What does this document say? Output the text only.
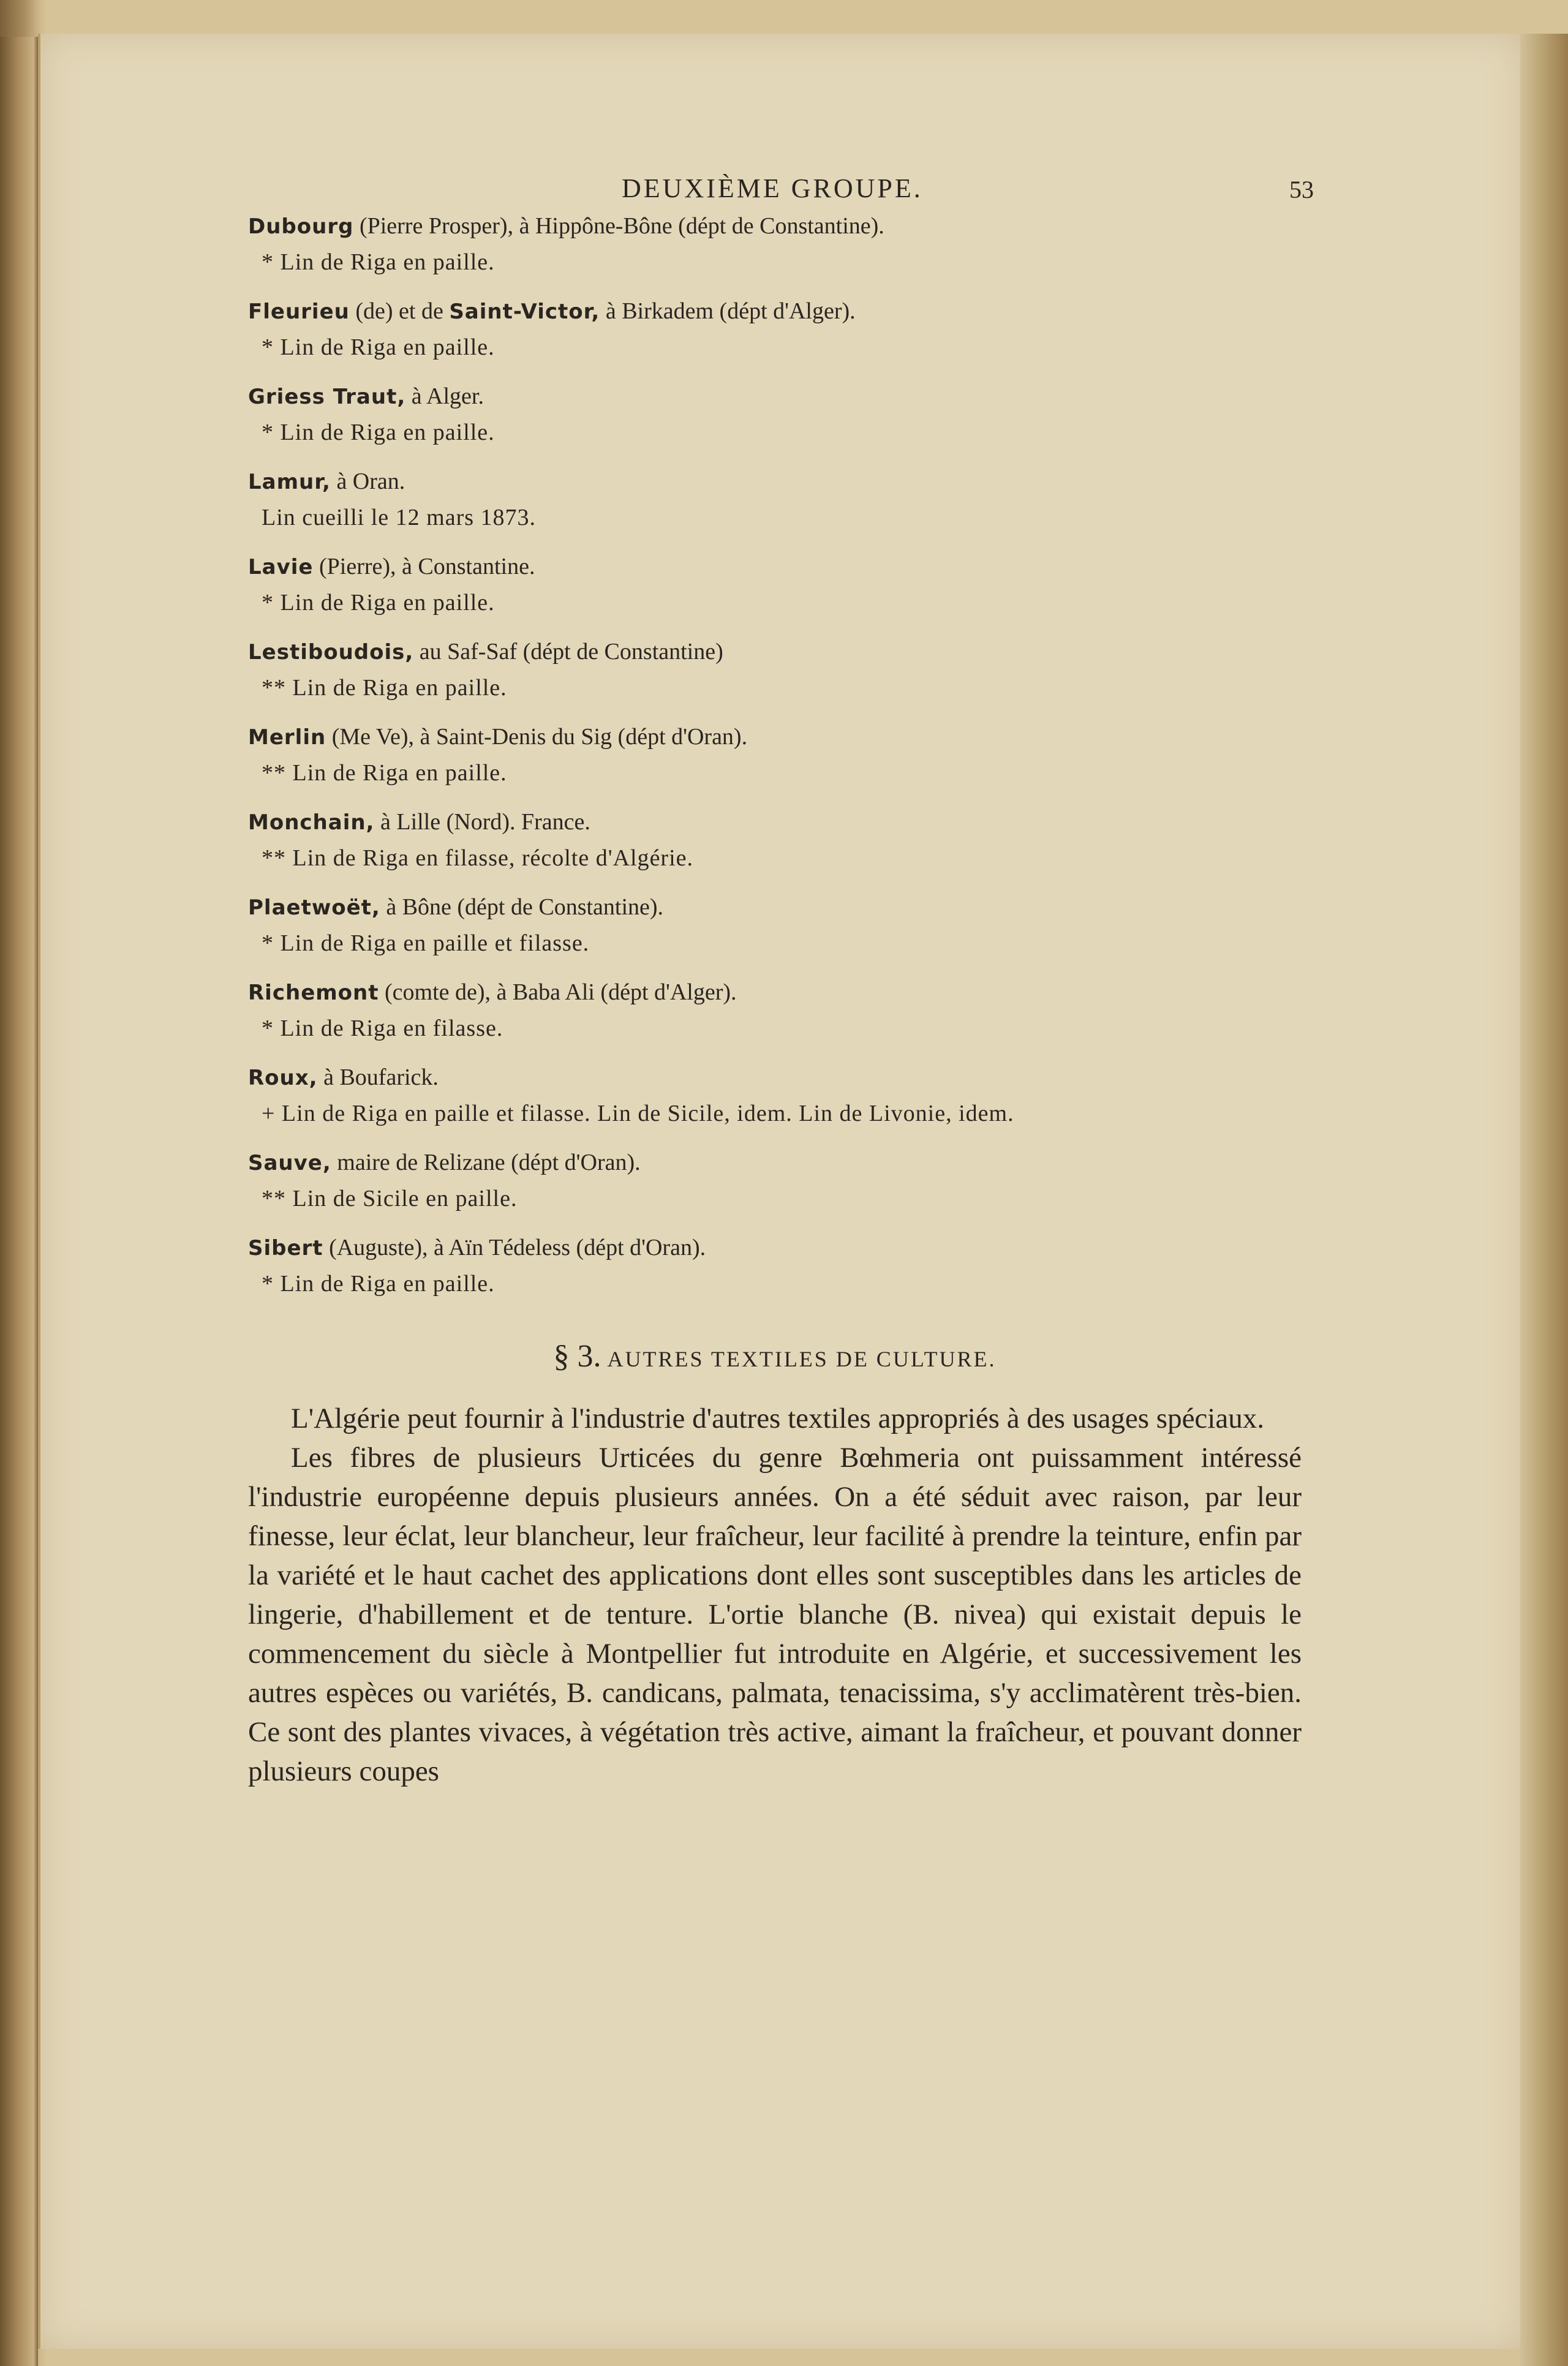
DEUXIÈME GROUPE.	53
Dubourg (Pierre Prosper), à Hippône-Bône (dépt de Constantine).
* Lin de Riga en paille.
Fleurieu (de) et de Saint-Victor, à Birkadem (dépt d'Alger).
* Lin de Riga en paille.
Griess Traut, à Alger.
* Lin de Riga en paille.
Lamur, à Oran.
Lin cueilli le 12 mars 1873.
Lavie (Pierre), à Constantine.
* Lin de Riga en paille.
Lestiboudois, au Saf-Saf (dépt de Constantine)
** Lin de Riga en paille.
Merlin (Me Ve), à Saint-Denis du Sig (dépt d'Oran).
** Lin de Riga en paille.
Monchain, à Lille (Nord). France.
** Lin de Riga en filasse, récolte d'Algérie.
Plaetwoët, à Bône (dépt de Constantine).
* Lin de Riga en paille et filasse.
Richemont (comte de), à Baba Ali (dépt d'Alger).
* Lin de Riga en filasse.
Roux, à Boufarick.
+ Lin de Riga en paille et filasse. Lin de Sicile, idem. Lin de Livonie, idem.
Sauve, maire de Relizane (dépt d'Oran).
** Lin de Sicile en paille.
Sibert (Auguste), à Aïn Tédeless (dépt d'Oran).
* Lin de Riga en paille.
§ 3. AUTRES TEXTILES DE CULTURE.

L'Algérie peut fournir à l'industrie d'autres textiles appropriés à des usages spéciaux.

Les fibres de plusieurs Urticées du genre Bœhmeria ont puissamment intéressé l'industrie européenne depuis plusieurs années. On a été séduit avec raison, par leur finesse, leur éclat, leur blancheur, leur fraîcheur, leur facilité à prendre la teinture, enfin par la variété et le haut cachet des applications dont elles sont susceptibles dans les articles de lingerie, d'habillement et de tenture. L'ortie blanche (B. nivea) qui existait depuis le commencement du siècle à Montpellier fut introduite en Algérie, et successivement les autres espèces ou variétés, B. candicans, palmata, tenacissima, s'y acclimatèrent très-bien. Ce sont des plantes vivaces, à végétation très active, aimant la fraîcheur, et pouvant donner plusieurs coupes
